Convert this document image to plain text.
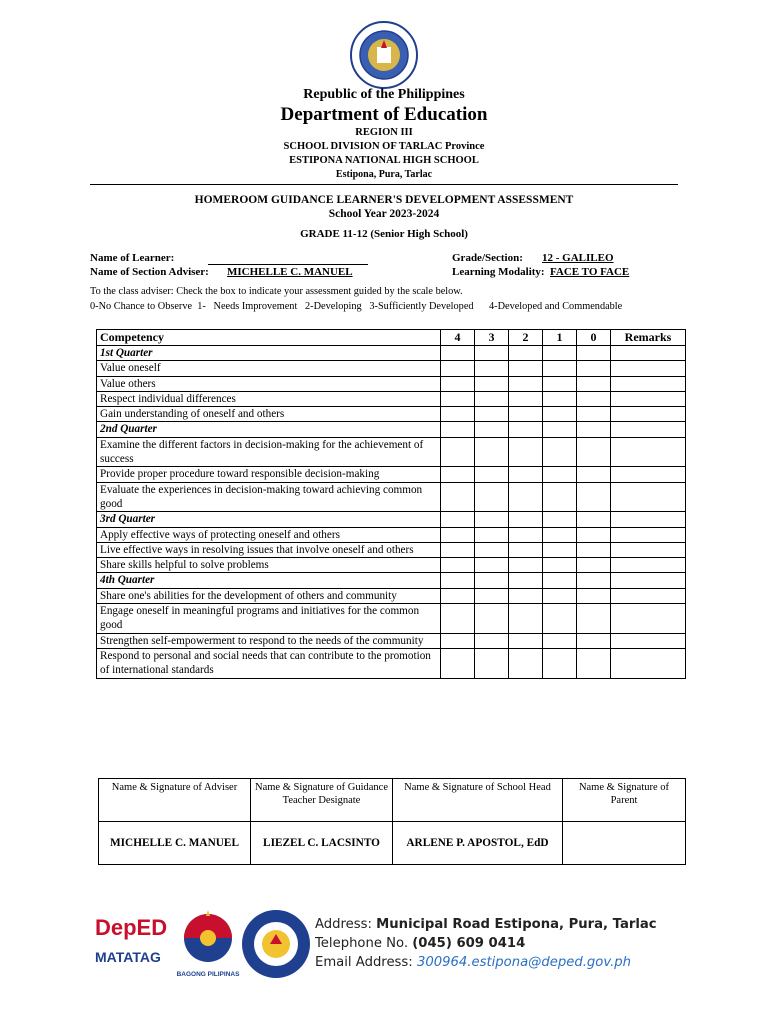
Republic of the Philippines
Department of Education
REGION III
SCHOOL DIVISION OF TARLAC Province
ESTIPONA NATIONAL HIGH SCHOOL
Estipona, Pura, Tarlac
HOMEROOM GUIDANCE LEARNER'S DEVELOPMENT ASSESSMENT
School Year 2023-2024
GRADE 11-12 (Senior High School)
Name of Learner:
Name of Section Adviser: MICHELLE C. MANUEL
Grade/Section: 12 - GALILEO
Learning Modality: FACE TO FACE
To the class adviser: Check the box to indicate your assessment guided by the scale below.
0-No Chance to Observe  1-   Needs Improvement   2-Developing   3-Sufficiently Developed      4-Developed and Commendable
Competency	4	3	2	1	0	Remarks
1st Quarter						
Value oneself						
Value others						
Respect individual differences						
Gain understanding of oneself and others						
2nd Quarter						
Examine the different factors in decision-making for the achievement of success						
Provide proper procedure toward responsible decision-making						
Evaluate the experiences in decision-making toward achieving common good						
3rd Quarter						
Apply effective ways of protecting oneself and others						
Live effective ways in resolving issues that involve oneself and others						
Share skills helpful to solve problems						
4th Quarter						
Share one's abilities for the development of others and community						
Engage oneself in meaningful programs and initiatives for the common good						
Strengthen self-empowerment to respond to the needs of the community						
Respond to personal and social needs that can contribute to the promotion of international standards						
Name & Signature of Adviser	Name & Signature of Guidance Teacher Designate	Name & Signature of School Head	Name & Signature of Parent
MICHELLE C. MANUEL	LIEZEL C. LACSINTO	ARLENE P. APOSTOL, EdD	
DepED
MATATAG
BAGONG PILIPINAS
Address: Municipal Road Estipona, Pura, Tarlac
Telephone No. (045) 609 0414
Email Address: 300964.estipona@deped.gov.ph
